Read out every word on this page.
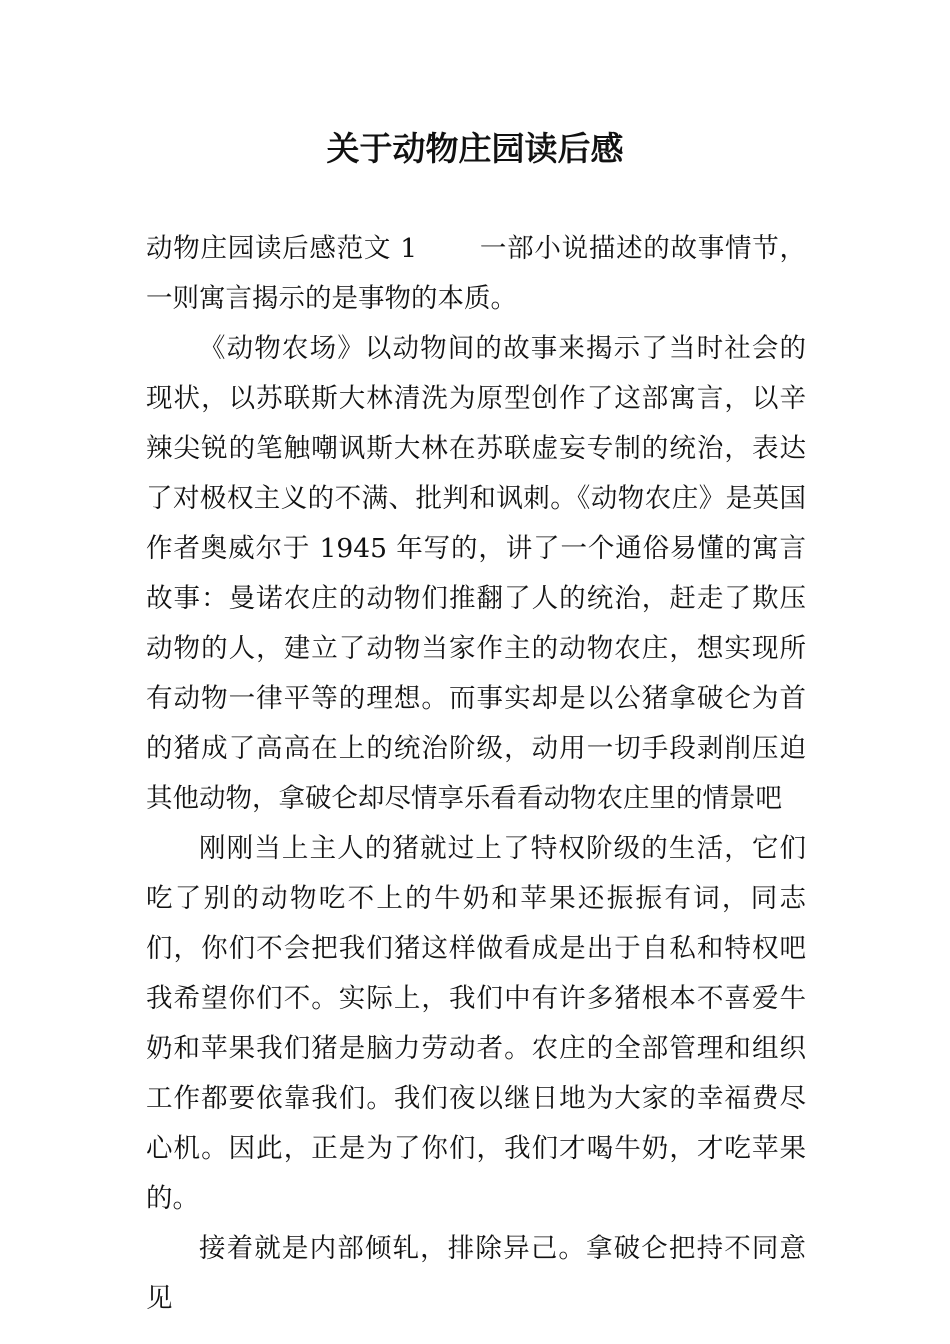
关于动物庄园读后感

动物庄园读后感范文 1 一部小说描述的故事情节，一则寓言揭示的是事物的本质。

《动物农场》以动物间的故事来揭示了当时社会的现状，以苏联斯大林清洗为原型创作了这部寓言，以辛辣尖锐的笔触嘲讽斯大林在苏联虚妄专制的统治，表达了对极权主义的不满、批判和讽刺。《动物农庄》是英国作者奥威尔于 1945 年写的，讲了一个通俗易懂的寓言故事：曼诺农庄的动物们推翻了人的统治，赶走了欺压动物的人，建立了动物当家作主的动物农庄，想实现所有动物一律平等的理想。而事实却是以公猪拿破仑为首的猪成了高高在上的统治阶级，动用一切手段剥削压迫其他动物，拿破仑却尽情享乐看看动物农庄里的情景吧

刚刚当上主人的猪就过上了特权阶级的生活，它们吃了别的动物吃不上的牛奶和苹果还振振有词，同志们，你们不会把我们猪这样做看成是出于自私和特权吧 我希望你们不。实际上，我们中有许多猪根本不喜爱牛奶和苹果我们猪是脑力劳动者。农庄的全部管理和组织工作都要依靠我们。我们夜以继日地为大家的幸福费尽心机。因此，正是为了你们，我们才喝牛奶，才吃苹果的。

接着就是内部倾轧，排除异己。拿破仑把持不同意见
